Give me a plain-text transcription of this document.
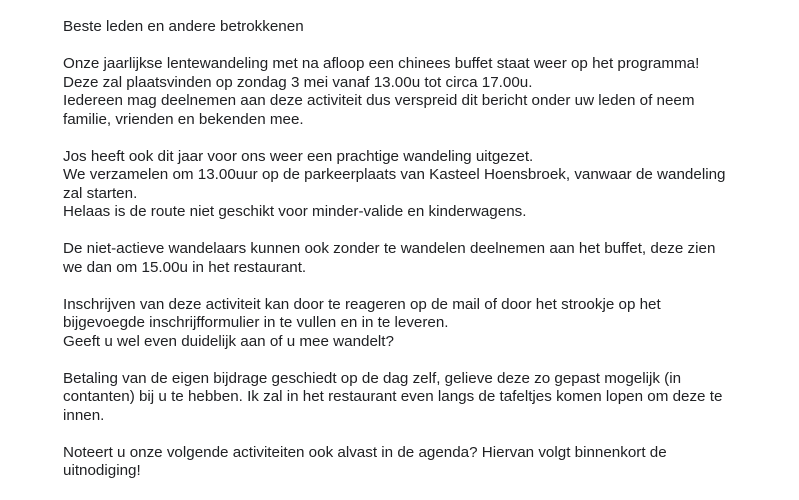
Beste leden en andere betrokkenen

Onze jaarlijkse lentewandeling met na afloop een chinees buffet staat weer op het programma!
Deze zal plaatsvinden op zondag 3 mei vanaf 13.00u tot circa 17.00u.
Iedereen mag deelnemen aan deze activiteit dus verspreid dit bericht onder uw leden of neem
familie, vrienden en bekenden mee.

Jos heeft ook dit jaar voor ons weer een prachtige wandeling uitgezet.
We verzamelen om 13.00uur op de parkeerplaats van Kasteel Hoensbroek, vanwaar de wandeling
zal starten.
Helaas is de route niet geschikt voor minder-valide en kinderwagens.

De niet-actieve wandelaars kunnen ook zonder te wandelen deelnemen aan het buffet, deze zien
we dan om 15.00u in het restaurant.

Inschrijven van deze activiteit kan door te reageren op de mail of door het strookje op het
bijgevoegde inschrijfformulier in te vullen en in te leveren.
Geeft u wel even duidelijk aan of u mee wandelt?

Betaling van de eigen bijdrage geschiedt op de dag zelf, gelieve deze zo gepast mogelijk (in
contanten) bij u te hebben. Ik zal in het restaurant even langs de tafeltjes komen lopen om deze te
innen.

Noteert u onze volgende activiteiten ook alvast in de agenda? Hiervan volgt binnenkort de
uitnodiging!
